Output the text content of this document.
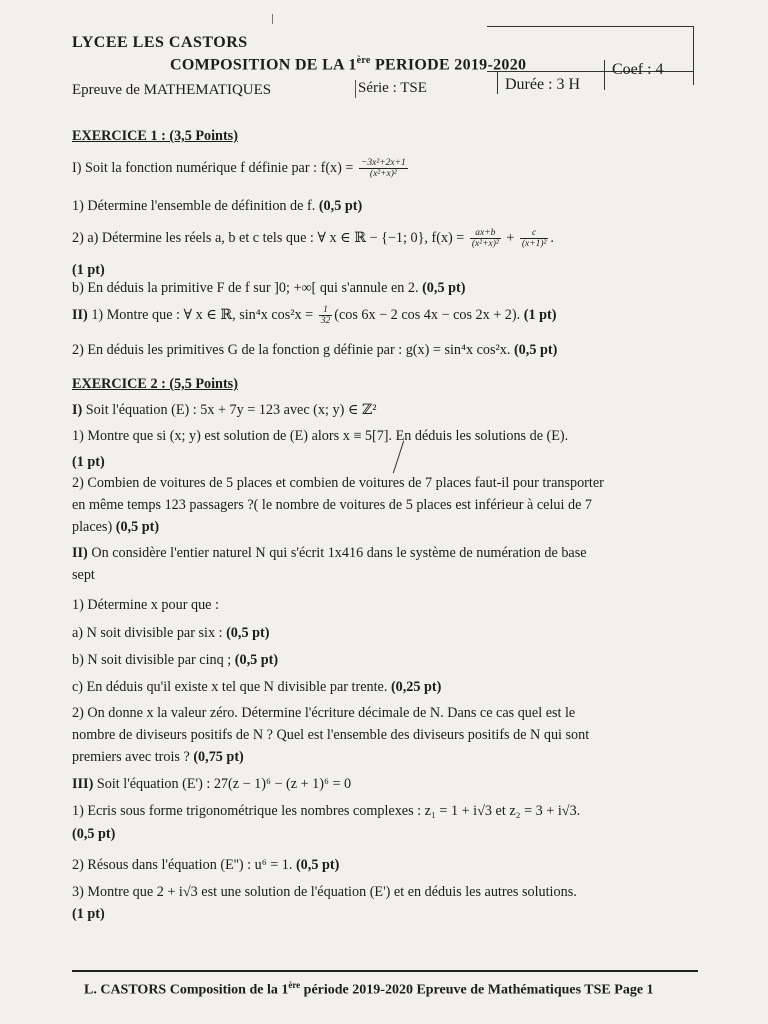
LYCEE LES CASTORS
COMPOSITION DE LA 1ère PERIODE 2019-2020
Epreuve de MATHEMATIQUES	Série : TSE	Durée : 3 H
Coef : 4
EXERCICE 1 : (3,5 Points)
I) Soit la fonction numérique f définie par : $f(x) = \frac{\text{−3x²+2x+1}}{\text{(x²+x)²}}$
1) Détermine l'ensemble de définition de f. (0,5 pt)
2) a) Détermine les réels a, b et c tels que : ∀ x ∈ ℝ − {−1; 0}, $f(x) = \frac{ax+b}{\text{(x²+x)²}} + \frac{c}{\text{(x+1)²}}$ .
(1 pt)
b) En déduis la primitive F de f sur ]0; +∞[ qui s'annule en 2. (0,5 pt)
II) 1) Montre que : ∀ x ∈ ℝ, sin⁴x $\cos^2x = \frac{1}{32} (\cos$ 6x − 2 cos 4x − cos 2x + 2). (1 pt)
2) En déduis les primitives G de la fonction g définie par : g(x) = sin⁴x cos²x. (0,5 pt)
EXERCICE 2 : (5,5 Points)
I) Soit l'équation (E) : 5x + 7y = 123 avec (x; y) ∈ ℤ²
1) Montre que si (x; y) est solution de (E) alors x ≡ 5[7]. En déduis les solutions de (E).
(1 pt)
2) Combien de voitures de 5 places et combien de voitures de 7 places faut-il pour transporter
en même temps 123 passagers ?( le nombre de voitures de 5 places est inférieur à celui de 7
places) (0,5 pt)
II) On considère l'entier naturel N qui s'écrit 1x416 dans le système de numération de base
sept
1) Détermine x pour que :
a) N soit divisible par six : (0,5 pt)
b) N soit divisible par cinq ; (0,5 pt)
c) En déduis qu'il existe x tel que N divisible par trente. (0,25 pt)
2) On donne x la valeur zéro. Détermine l'écriture décimale de N. Dans ce cas quel est le
nombre de diviseurs positifs de N ? Quel est l'ensemble des diviseurs positifs de N qui sont
premiers avec trois ? (0,75 pt)
III) Soit l'équation (E') : 27(z − 1)⁶ − (z + 1)⁶ = 0
1) Ecris sous forme trigonométrique les nombres complexes : z₁ = 1 + i√3 et z₂ = 3 + i√3.
(0,5 pt)
2) Résous dans l'équation (E'') : u⁶ = 1. (0,5 pt)
3) Montre que 2 + i√3 est une solution de l'équation (E') et en déduis les autres solutions.
(1 pt)
L. CASTORS Composition de la 1ère période 2019-2020 Epreuve de Mathématiques TSE Page 1
